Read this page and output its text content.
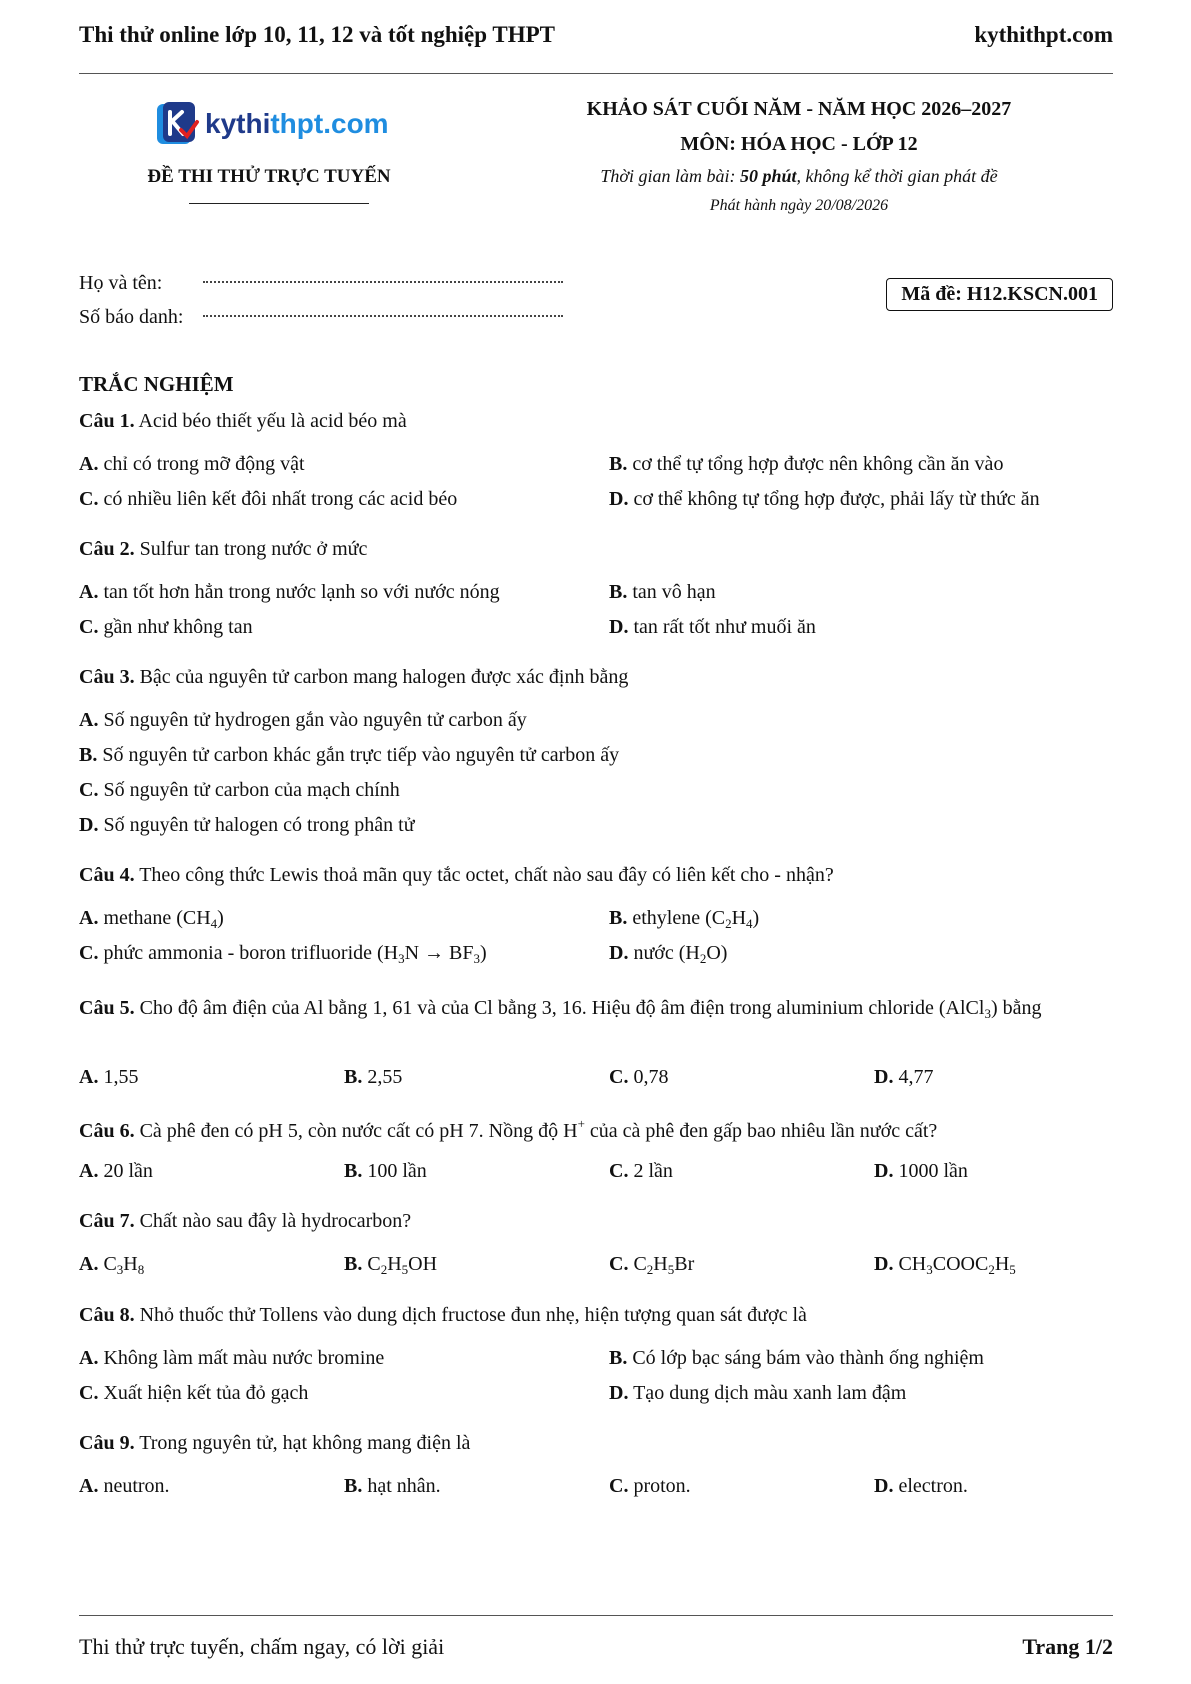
Thi thử online lớp 10, 11, 12 và tốt nghiệp THPT	kythithpt.com
kythithpt.com
ĐỀ THI THỬ TRỰC TUYẾN
KHẢO SÁT CUỐI NĂM - NĂM HỌC 2026–2027
MÔN: HÓA HỌC - LỚP 12
Thời gian làm bài: 50 phút, không kể thời gian phát đề
Phát hành ngày 20/08/2026
Họ và tên:
Số báo danh:
Mã đề: H12.KSCN.001
TRẮC NGHIỆM
Câu 1. Acid béo thiết yếu là acid béo mà
A. chỉ có trong mỡ động vật	B. cơ thể tự tổng hợp được nên không cần ăn vào
C. có nhiều liên kết đôi nhất trong các acid béo	D. cơ thể không tự tổng hợp được, phải lấy từ thức ăn
Câu 2. Sulfur tan trong nước ở mức
A. tan tốt hơn hẳn trong nước lạnh so với nước nóng	B. tan vô hạn
C. gần như không tan	D. tan rất tốt như muối ăn
Câu 3. Bậc của nguyên tử carbon mang halogen được xác định bằng
A. Số nguyên tử hydrogen gắn vào nguyên tử carbon ấy
B. Số nguyên tử carbon khác gắn trực tiếp vào nguyên tử carbon ấy
C. Số nguyên tử carbon của mạch chính
D. Số nguyên tử halogen có trong phân tử
Câu 4. Theo công thức Lewis thoả mãn quy tắc octet, chất nào sau đây có liên kết cho - nhận?
A. methane $(CH_4)$	B. ethylene $(C_2H_4)$
C. phức ammonia - boron trifluoride $(H_3N \to BF_3)$	D. nước $(H_2O)$
Câu 5. Cho độ âm điện của Al bằng 1, 61 và của Cl bằng 3, 16. Hiệu độ âm điện trong aluminium chloride (AlCl$_3$) bằng
A. 1,55	B. 2,55	C. 0,78	D. 4,77
Câu 6. Cà phê đen có pH 5, còn nước cất có pH 7. Nồng độ H+ của cà phê đen gấp bao nhiêu lần nước cất?
A. 20 lần	B. 100 lần	C. 2 lần	D. 1000 lần
Câu 7. Chất nào sau đây là hydrocarbon?
A. $C_3H_8$	B. $C_2H_5OH$	C. $C_2H_5Br$	D. $CH_3COOC_2H_5$
Câu 8. Nhỏ thuốc thử Tollens vào dung dịch fructose đun nhẹ, hiện tượng quan sát được là
A. Không làm mất màu nước bromine	B. Có lớp bạc sáng bám vào thành ống nghiệm
C. Xuất hiện kết tủa đỏ gạch	D. Tạo dung dịch màu xanh lam đậm
Câu 9. Trong nguyên tử, hạt không mang điện là
A. neutron.	B. hạt nhân.	C. proton.	D. electron.
Thi thử trực tuyến, chấm ngay, có lời giải	Trang 1/2
